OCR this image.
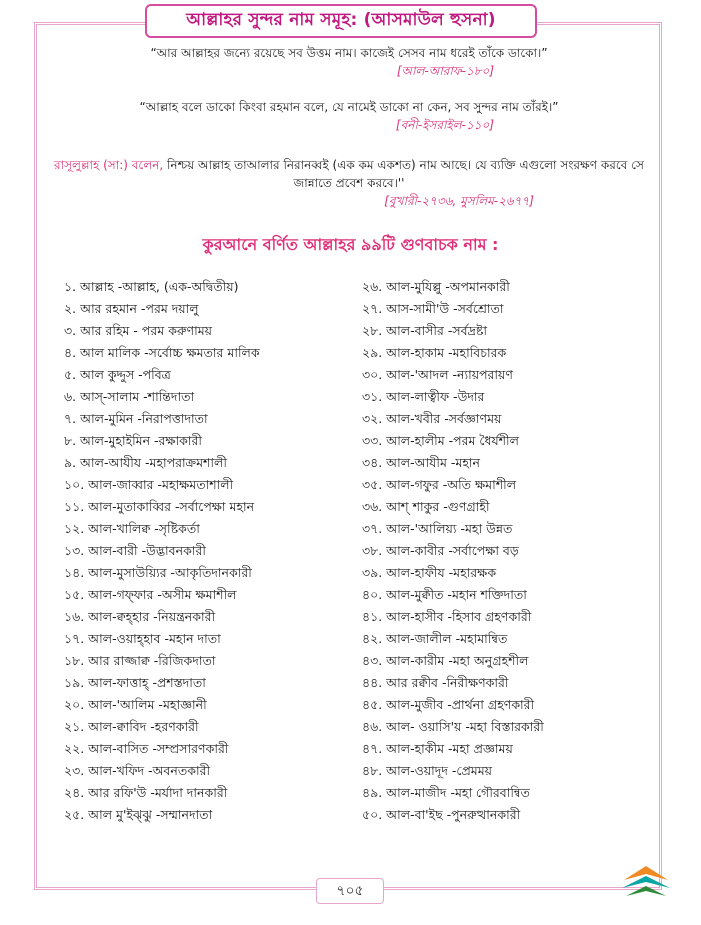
আল্লাহর সুন্দর নাম সমূহ: (আসমাউল হুসনা)
“আর আল্লাহর জন্যে রয়েছে সব উত্তম নাম। কাজেই সেসব নাম ধরেই তাঁকে ডাকো।”
[আল-আরাফ-১৮০]
“আল্লাহ বলে ডাকো কিংবা রহমান বলে, যে নামেই ডাকো না কেন, সব সুন্দর নাম তাঁরই।”
[বনী-ইসরাইল-১১০]
রাসূলুল্লাহ (সা:) বলেন, নিশ্চয় আল্লাহ তাআলার নিরানব্বই (এক কম একশত) নাম আছে। যে ব্যক্তি এগুলো সংরক্ষণ করবে সে জান্নাতে প্রবেশ করবে।''
[বুখারী-২৭৩৬, মুসলিম-২৬৭৭]
কুরআনে বর্ণিত আল্লাহর ৯৯টি গুণবাচক নাম :
১. আল্লাহ -আল্লাহ, (এক-অদ্বিতীয়)
২. আর রহমান -পরম দয়ালু
৩. আর রহিম - পরম করুণাময়
৪. আল মালিক -সর্বোচ্চ ক্ষমতার মালিক
৫. আল কুদ্দুস -পবিত্র
৬. আস্-সালাম -শান্তিদাতা
৭. আল-মুমিন -নিরাপত্তাদাতা
৮. আল-মুহাইমিন -রক্ষাকারী
৯. আল-আযীয -মহাপরাক্রমশালী
১০. আল-জাব্বার -মহাক্ষমতাশালী
১১. আল-মুতাকাব্বির -সর্বাপেক্ষা মহান
১২. আল-খালিক্ব -সৃষ্টিকর্তা
১৩. আল-বারী -উদ্ভাবনকারী
১৪. আল-মুসাউয়্যির -আকৃতিদানকারী
১৫. আল-গফ্ফার -অসীম ক্ষমাশীল
১৬. আল-ক্বহ্হার -নিয়ন্ত্রনকারী
১৭. আল-ওয়াহ্হাব -মহান দাতা
১৮. আর রাজ্জাক্ব -রিজিকদাতা
১৯. আল-ফাত্তাহ্ -প্রশস্তদাতা
২০. আল-'আলিম -মহাজ্ঞানী
২১. আল-ক্বাবিদ -হরণকারী
২২. আল-বাসিত -সম্প্রসারণকারী
২৩. আল-খফিদ -অবনতকারী
২৪. আর রফি'উ -মর্যাদা দানকারী
২৫. আল মু'ইঝ্ঝু -সম্মানদাতা
২৬. আল-মুযিল্লু -অপমানকারী
২৭. আস-সামী'উ -সর্বশ্রোতা
২৮. আল-বাসীর -সর্বদ্রষ্টা
২৯. আল-হাকাম -মহাবিচারক
৩০. আল-'আদল -ন্যায়পরায়ণ
৩১. আল-লাত্বীফ -উদার
৩২. আল-খবীর -সর্বজ্ঞাণময়
৩৩. আল-হালীম -পরম ধৈর্যশীল
৩৪. আল-আযীম -মহান
৩৫. আল-গফুর -অতি ক্ষমাশীল
৩৬. আশ্ শাকুর -গুণগ্রাহী
৩৭. আল-'আলিয়্য -মহা উন্নত
৩৮. আল-কাবীর -সর্বাপেক্ষা বড়
৩৯. আল-হাফীয -মহারক্ষক
৪০. আল-মুক্বীত -মহান শক্তিদাতা
৪১. আল-হাসীব -হিসাব গ্রহণকারী
৪২. আল-জালীল -মহামান্বিত
৪৩. আল-কারীম -মহা অনুগ্রহশীল
৪৪. আর রক্বীব -নিরীক্ষণকারী
৪৫. আল-মুজীব -প্রার্থনা গ্রহণকারী
৪৬. আল- ওয়াসি'য় -মহা বিস্তারকারী
৪৭. আল-হাকীম -মহা প্রজ্ঞাময়
৪৮. আল-ওয়াদূদ -প্রেমময়
৪৯. আল-মাজীদ -মহা গৌরবান্বিত
৫০. আল-বা'ইছ -পুনরুত্থানকারী
৭০৫
